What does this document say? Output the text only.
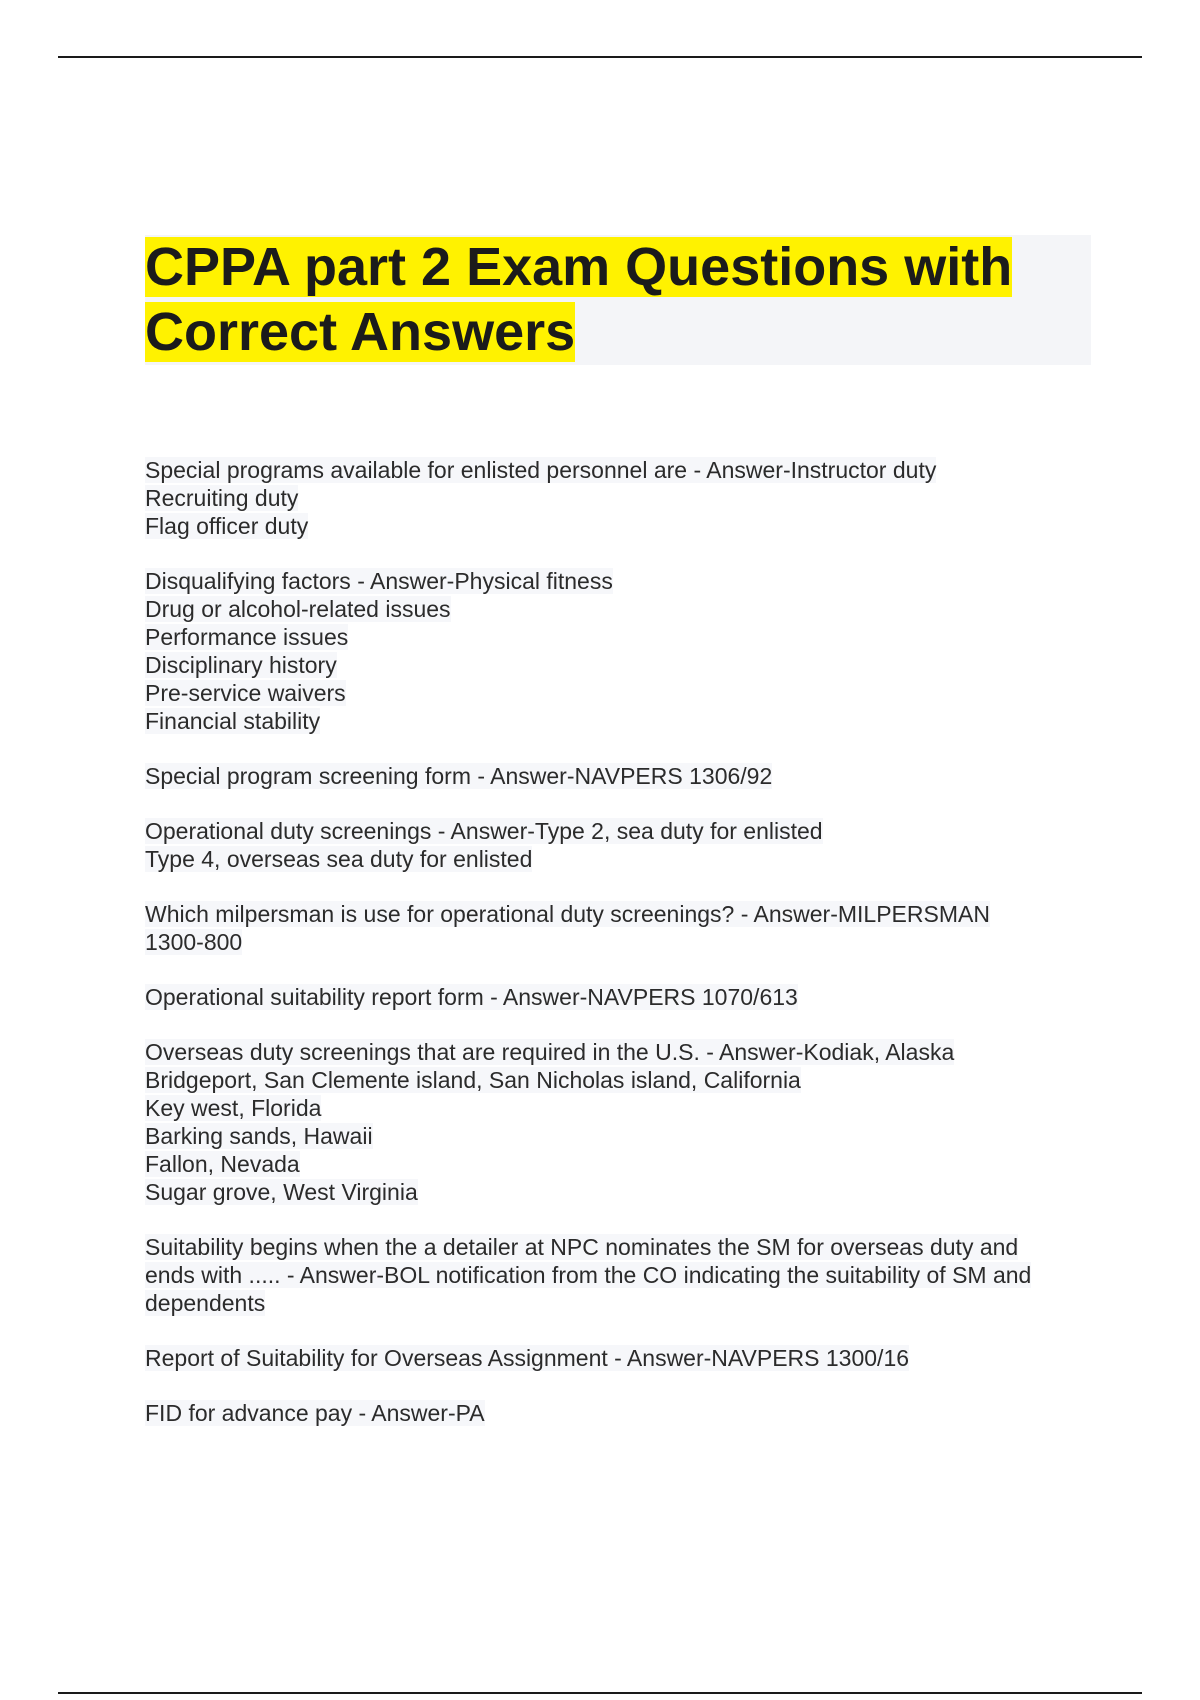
CPPA part 2 Exam Questions with
Correct Answers

Special programs available for enlisted personnel are - Answer-Instructor duty
Recruiting duty
Flag officer duty

Disqualifying factors - Answer-Physical fitness
Drug or alcohol-related issues
Performance issues
Disciplinary history
Pre-service waivers
Financial stability

Special program screening form - Answer-NAVPERS 1306/92

Operational duty screenings - Answer-Type 2, sea duty for enlisted
Type 4, overseas sea duty for enlisted

Which milpersman is use for operational duty screenings? - Answer-MILPERSMAN
1300-800

Operational suitability report form - Answer-NAVPERS 1070/613

Overseas duty screenings that are required in the U.S. - Answer-Kodiak, Alaska
Bridgeport, San Clemente island, San Nicholas island, California
Key west, Florida
Barking sands, Hawaii
Fallon, Nevada
Sugar grove, West Virginia

Suitability begins when the a detailer at NPC nominates the SM for overseas duty and
ends with ..... - Answer-BOL notification from the CO indicating the suitability of SM and
dependents

Report of Suitability for Overseas Assignment - Answer-NAVPERS 1300/16

FID for advance pay - Answer-PA
